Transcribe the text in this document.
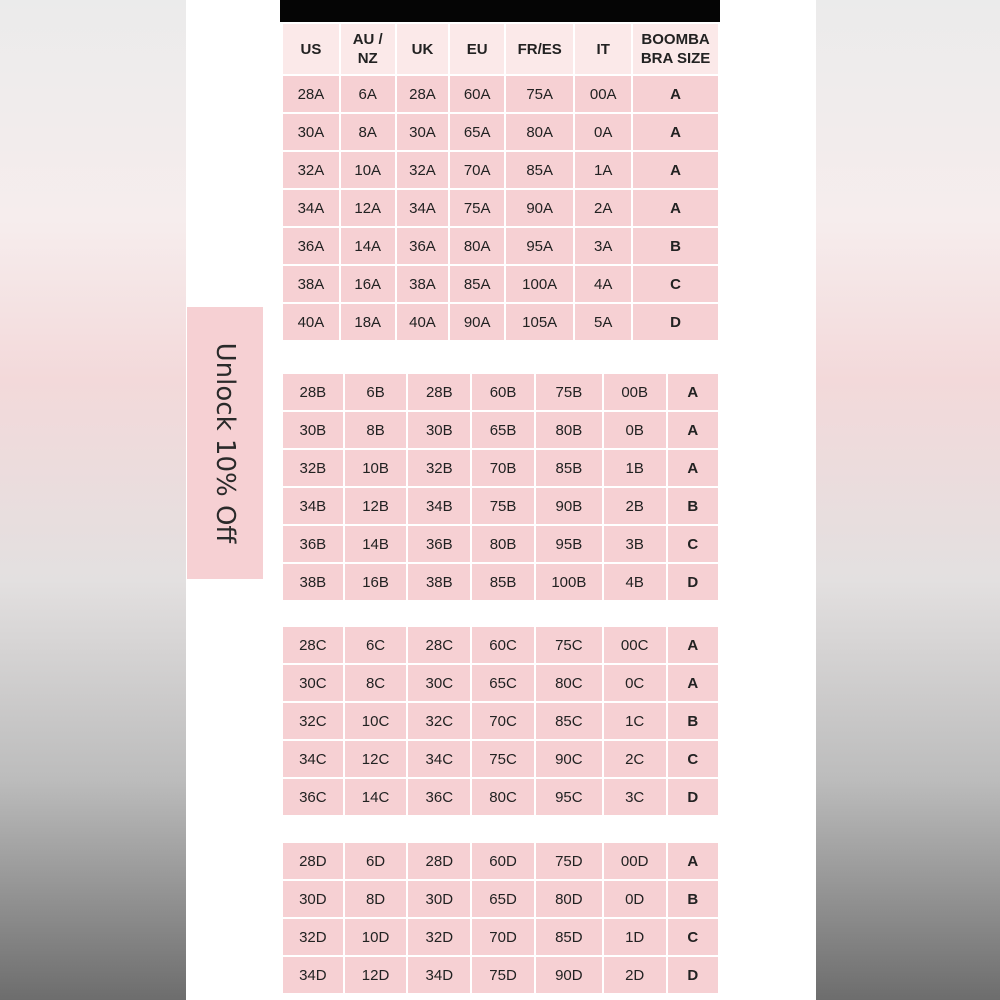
Unlock 10% Off
US	AU / NZ	UK	EU	FR/ES	IT	BOOMBA BRA SIZE
28A	6A	28A	60A	75A	00A	A
30A	8A	30A	65A	80A	0A	A
32A	10A	32A	70A	85A	1A	A
34A	12A	34A	75A	90A	2A	A
36A	14A	36A	80A	95A	3A	B
38A	16A	38A	85A	100A	4A	C
40A	18A	40A	90A	105A	5A	D
28B	6B	28B	60B	75B	00B	A
30B	8B	30B	65B	80B	0B	A
32B	10B	32B	70B	85B	1B	A
34B	12B	34B	75B	90B	2B	B
36B	14B	36B	80B	95B	3B	C
38B	16B	38B	85B	100B	4B	D
28C	6C	28C	60C	75C	00C	A
30C	8C	30C	65C	80C	0C	A
32C	10C	32C	70C	85C	1C	B
34C	12C	34C	75C	90C	2C	C
36C	14C	36C	80C	95C	3C	D
28D	6D	28D	60D	75D	00D	A
30D	8D	30D	65D	80D	0D	B
32D	10D	32D	70D	85D	1D	C
34D	12D	34D	75D	90D	2D	D
